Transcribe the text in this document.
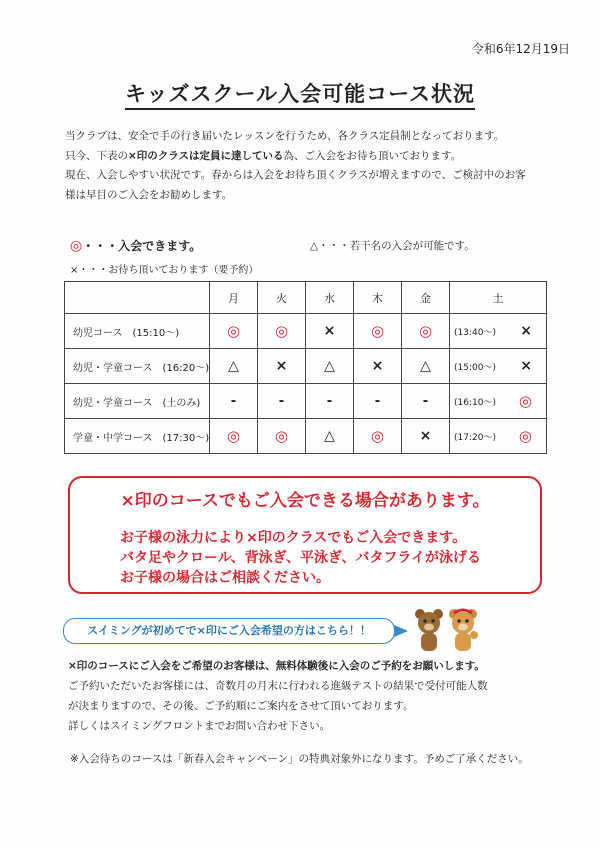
令和6年12月19日
キッズスクール入会可能コース状況

当クラブは、安全で手の行き届いたレッスンを行うため、各クラス定員制となっております。

只今、下表の×印のクラスは定員に達している為、ご入会をお待ち頂いております。

現在、入会しやすい状況です。春からは入会をお待ち頂くクラスが増えますので、ご検討中のお客

様は早目のご入会をお勧めします。

◎・・・入会できます。	△・・・若干名の入会が可能です。
×・・・お待ち頂いております（要予約）
	月	火	水	木	金	土
幼児コース　(15:10～)	◎	◎	×	◎	◎	(13:40～) ×

幼児・学童コース　(16:20～)	△	×	△	×	△	(15:00～) ×

幼児・学童コース　(土のみ)	-	-	-	-	-	(16:10～) ◎

学童・中学コース　(17:30～)	◎	◎	△	◎	×	(17:20～) ◎
×印のコースでもご入会できる場合があります。
お子様の泳力により×印のクラスでもご入会できます。
バタ足やクロール、背泳ぎ、平泳ぎ、バタフライが泳げる
お子様の場合はご相談ください。
スイミングが初めてで×印にご入会希望の方はこちら！！

×印のコースにご入会をご希望のお客様は、無料体験後に入会のご予約をお願いします。

ご予約いただいたお客様には、奇数月の月末に行われる進級テストの結果で受付可能人数

が決まりますので、その後、ご予約順にご案内をさせて頂いております。

詳しくはスイミングフロントまでお問い合わせ下さい。

※入会待ちのコースは「新春入会キャンペーン」の特典対象外になります。予めご了承ください。
